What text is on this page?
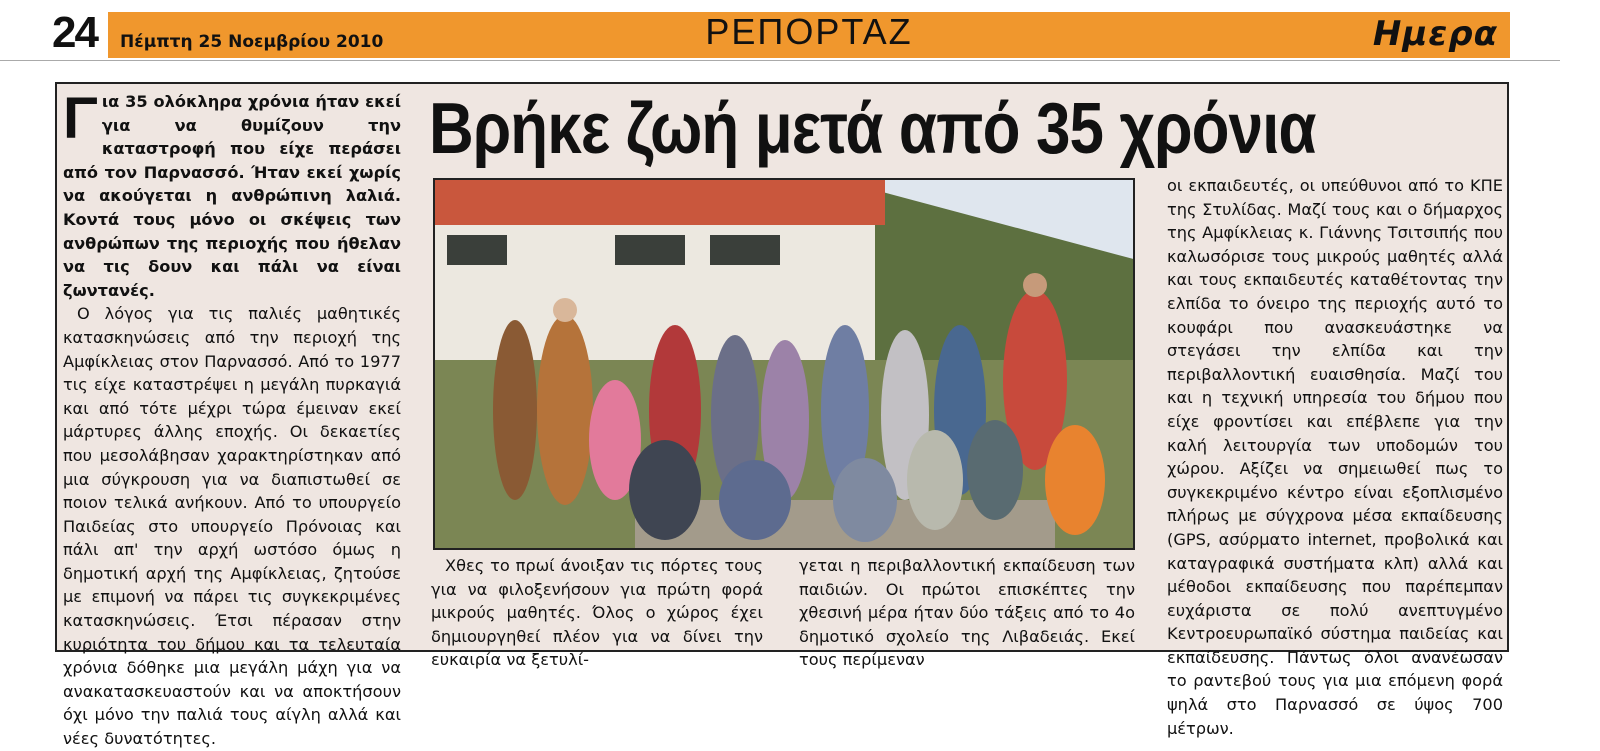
24 Πέμπτη 25 Νοεμβρίου 2010	ΡΕΠΟΡΤΑΖ	Ημερα
Βρήκε ζωή μετά από 35 χρόνια
Για 35 ολόκληρα χρόνια ήταν εκεί για να θυμίζουν την καταστροφή που είχε περάσει από τον Παρνασσό. Ήταν εκεί χωρίς να ακούγεται η ανθρώπινη λαλιά. Κοντά τους μόνο οι σκέψεις των ανθρώπων της περιοχής που ήθελαν να τις δουν και πάλι να είναι ζωντανές.

Ο λόγος για τις παλιές μαθητικές κατασκηνώσεις από την περιοχή της Αμφίκλειας στον Παρνασσό. Από το 1977 τις είχε καταστρέψει η μεγάλη πυρκαγιά και από τότε μέχρι τώρα έμειναν εκεί μάρτυρες άλλης εποχής. Οι δεκαετίες που μεσολάβησαν χαρακτηρίστηκαν από μια σύγκρουση για να διαπιστωθεί σε ποιον τελικά ανήκουν. Από το υπουργείο Παιδείας στο υπουργείο Πρόνοιας και πάλι απ' την αρχή ωστόσο όμως η δημοτική αρχή της Αμφίκλειας, ζητούσε με επιμονή να πάρει τις συγκεκριμένες κατασκηνώσεις. Έτσι πέρασαν στην κυριότητα του δήμου και τα τελευταία χρόνια δόθηκε μια μεγάλη μάχη για να ανακατασκευαστούν και να αποκτήσουν όχι μόνο την παλιά τους αίγλη αλλά και νέες δυνατότητες.

Χθες το πρωί άνοιξαν τις πόρτες τους για να φιλοξενήσουν για πρώτη φορά μικρούς μαθητές. Όλος ο χώρος έχει δημιουργηθεί πλέον για να δίνει την ευκαιρία να ξετυλί-

γεται η περιβαλλοντική εκπαίδευση των παιδιών. Οι πρώτοι επισκέπτες την χθεσινή μέρα ήταν δύο τάξεις από το 4ο δημοτικό σχολείο της Λιβαδειάς. Εκεί τους περίμεναν

οι εκπαιδευτές, οι υπεύθυνοι από το ΚΠΕ της Στυλίδας. Μαζί τους και ο δήμαρχος της Αμφίκλειας κ. Γιάννης Τσιτσιπής που καλωσόρισε τους μικρούς μαθητές αλλά και τους εκπαιδευτές καταθέτοντας την ελπίδα το όνειρο της περιοχής αυτό το κουφάρι που ανασκευάστηκε να στεγάσει την ελπίδα και την περιβαλλοντική ευαισθησία. Μαζί του και η τεχνική υπηρεσία του δήμου που είχε φροντίσει και επέβλεπε για την καλή λειτουργία των υποδομών του χώρου. Αξίζει να σημειωθεί πως το συγκεκριμένο κέντρο είναι εξοπλισμένο πλήρως με σύγχρονα μέσα εκπαίδευσης (GPS, ασύρματο internet, προβολικά και καταγραφικά συστήματα κλπ) αλλά και μέθοδοι εκπαίδευσης που παρέπεμπαν ευχάριστα σε πολύ ανεπτυγμένο Κεντροευρωπαϊκό σύστημα παιδείας και εκπαίδευσης. Πάντως όλοι ανανέωσαν το ραντεβού τους για μια επόμενη φορά ψηλά στο Παρνασσό σε ύψος 700 μέτρων.
